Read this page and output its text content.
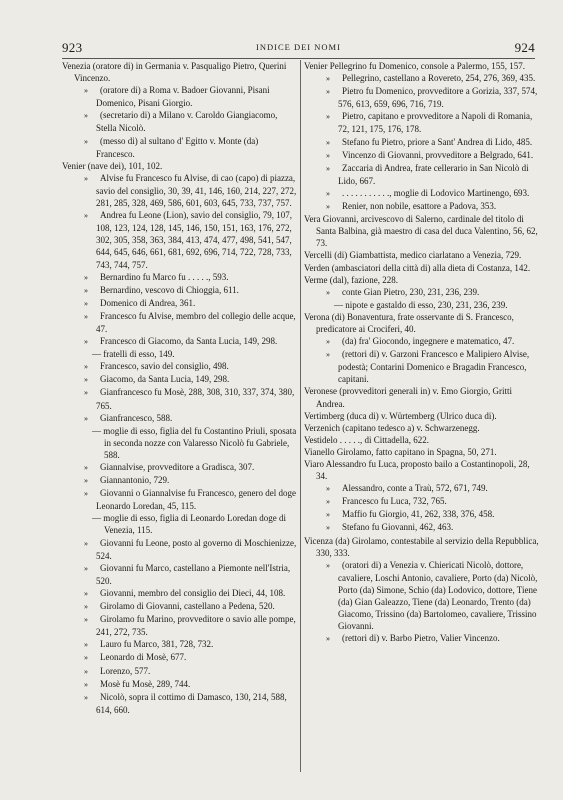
923	INDICE DEI NOMI	924
Venezia (oratore di) in Germania v. Pasqualigo Pietro, Querini Vincenzo.
» (oratore di) a Roma v. Badoer Giovanni, Pisani Domenico, Pisani Giorgio.
» (secretario di) a Milano v. Caroldo Giangiacomo, Stella Nicolò.
» (messo di) al sultano d' Egitto v. Monte (da) Francesco.
Venier (nave dei), 101, 102.
» Alvise fu Francesco fu Alvise, di cao (capo) di piazza, savio del consiglio, 30, 39, 41, 146, 160, 214, 227, 272, 281, 285, 328, 469, 586, 601, 603, 645, 733, 737, 757.
» Andrea fu Leone (Lion), savio del consiglio, 79, 107, 108, 123, 124, 128, 145, 146, 150, 151, 163, 176, 272, 302, 305, 358, 363, 384, 413, 474, 477, 498, 541, 547, 644, 645, 646, 661, 681, 692, 696, 714, 722, 728, 733, 743, 744, 757.
» Bernardino fu Marco fu . . . . ., 593.
» Bernardino, vescovo di Chioggia, 611.
» Domenico di Andrea, 361.
» Francesco fu Alvise, membro del collegio delle acque, 47.
» Francesco di Giacomo, da Santa Lucia, 149, 298.
— fratelli di esso, 149.
» Francesco, savio del consiglio, 498.
» Giacomo, da Santa Lucia, 149, 298.
» Gianfrancesco fu Mosè, 288, 308, 310, 337, 374, 380, 765.
» Gianfrancesco, 588.
— moglie di esso, figlia del fu Costantino Priuli, sposata in seconda nozze con Valaresso Nicolò fu Gabriele, 588.
» Giannalvise, provveditore a Gradisca, 307.
» Giannantonio, 729.
» Giovanni o Giannalvise fu Francesco, genero del doge Leonardo Loredan, 45, 115.
— moglie di esso, figlia di Leonardo Loredan doge di Venezia, 115.
» Giovanni fu Leone, posto al governo di Moschienizze, 524.
» Giovanni fu Marco, castellano a Piemonte nell'Istria, 520.
» Giovanni, membro del consiglio dei Dieci, 44, 108.
» Girolamo di Giovanni, castellano a Pedena, 520.
» Girolamo fu Marino, provveditore o savio alle pompe, 241, 272, 735.
» Lauro fu Marco, 381, 728, 732.
» Leonardo di Mosè, 677.
» Lorenzo, 577.
» Mosè fu Mosè, 289, 744.
» Nicolò, sopra il cottimo di Damasco, 130, 214, 588, 614, 660.
Venier Pellegrino fu Domenico, console a Palermo, 155, 157.
» Pellegrino, castellano a Rovereto, 254, 276, 369, 435.
» Pietro fu Domenico, provveditore a Gorizia, 337, 574, 576, 613, 659, 696, 716, 719.
» Pietro, capitano e provveditore a Napoli di Romania, 72, 121, 175, 176, 178.
» Stefano fu Pietro, priore a Sant' Andrea di Lido, 485.
» Vincenzo di Giovanni, provveditore a Belgrado, 641.
» Zaccaria di Andrea, frate cellerario in San Nicolò di Lido, 667.
» . . . . . . . . . . ., moglie di Lodovico Martinengo, 693.
» Renier, non nobile, esattore a Padova, 353.
Vera Giovanni, arcivescovo di Salerno, cardinale del titolo di Santa Balbina, già maestro di casa del duca Valentino, 56, 62, 73.
Vercelli (di) Giambattista, medico ciarlatano a Venezia, 729.
Verden (ambasciatori della città di) alla dieta di Costanza, 142.
Verme (dal), fazione, 228.
» conte Gian Pietro, 230, 231, 236, 239.
— nipote e gastaldo di esso, 230, 231, 236, 239.
Verona (di) Bonaventura, frate osservante di S. Francesco, predicatore ai Crociferi, 40.
» (da) fra' Giocondo, ingegnere e matematico, 47.
» (rettori di) v. Garzoni Francesco e Malipiero Alvise, podestà; Contarini Domenico e Bragadin Francesco, capitani.
Veronese (provveditori generali in) v. Emo Giorgio, Gritti Andrea.
Vertimberg (duca di) v. Würtemberg (Ulrico duca di).
Verzenich (capitano tedesco a) v. Schwarzenegg.
Vestidelo . . . . ., di Cittadella, 622.
Vianello Girolamo, fatto capitano in Spagna, 50, 271.
Viaro Alessandro fu Luca, proposto bailo a Costantinopoli, 28, 34.
» Alessandro, conte a Traù, 572, 671, 749.
» Francesco fu Luca, 732, 765.
» Maffio fu Giorgio, 41, 262, 338, 376, 458.
» Stefano fu Giovanni, 462, 463.
Vicenza (da) Girolamo, contestabile al servizio della Repubblica, 330, 333.
» (oratori di) a Venezia v. Chiericati Nicolò, dottore, cavaliere, Loschi Antonio, cavaliere, Porto (da) Nicolò, Porto (da) Simone, Schio (da) Lodovico, dottore, Tiene (da) Gian Galeazzo, Tiene (da) Leonardo, Trento (da) Giacomo, Trissino (da) Bartolomeo, cavaliere, Trissino Giovanni.
» (rettori di) v. Barbo Pietro, Valier Vincenzo.
